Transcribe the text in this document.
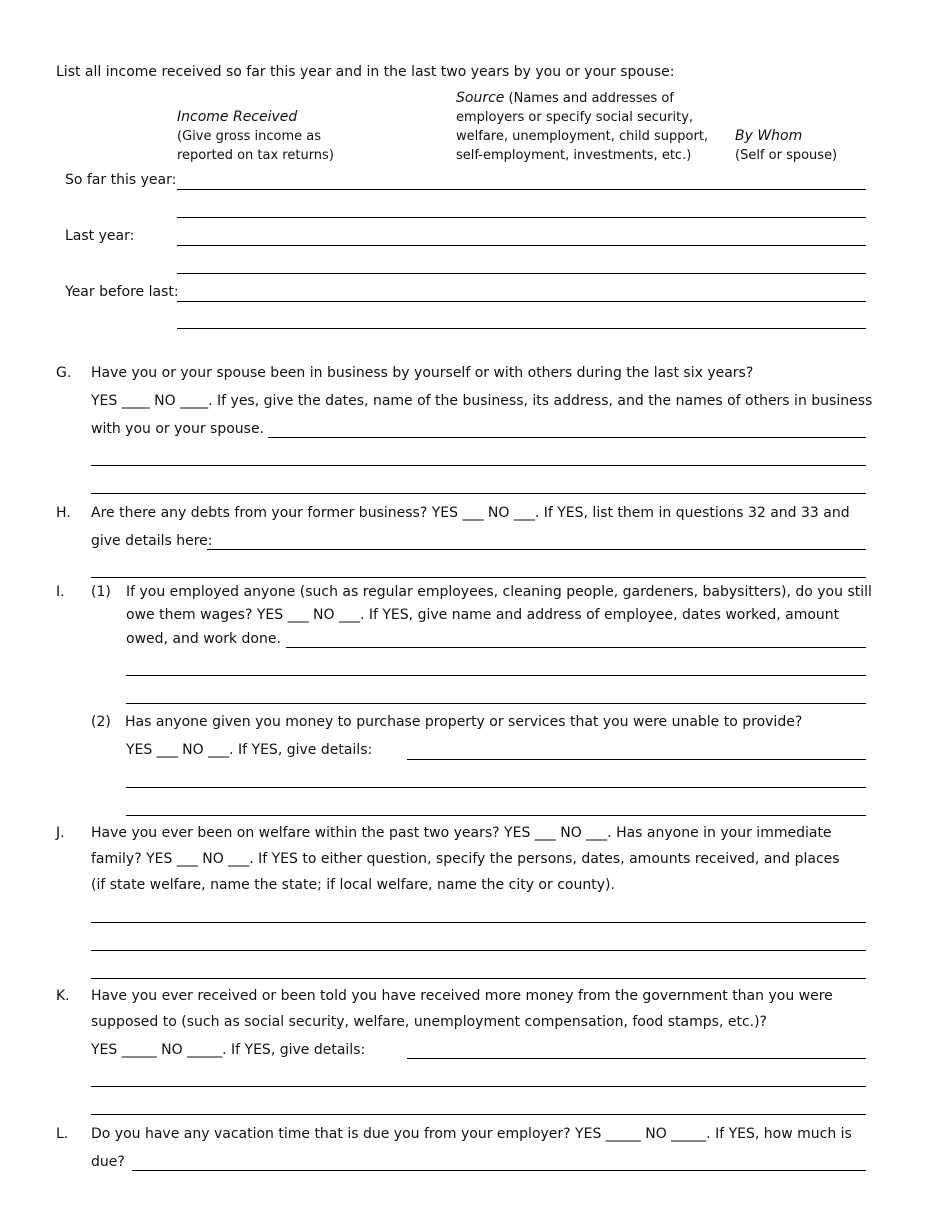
List all income received so far this year and in the last two years by you or your spouse:
Income Received
(Give gross income as
reported on tax returns)
Source (Names and addresses of
employers or specify social security,
welfare, unemployment, child support,
self-employment, investments, etc.)
By Whom
(Self or spouse)
So far this year:
Last year:
Year before last:
G. Have you or your spouse been in business by yourself or with others during the last six years?
YES ____ NO ____. If yes, give the dates, name of the business, its address, and the names of others in business
with you or your spouse.
H. Are there any debts from your former business? YES ___ NO ___. If YES, list them in questions 32 and 33 and
give details here:
I. (1) If you employed anyone (such as regular employees, cleaning people, gardeners, babysitters), do you still
owe them wages? YES ___ NO ___. If YES, give name and address of employee, dates worked, amount
owed, and work done.
(2) Has anyone given you money to purchase property or services that you were unable to provide?
YES ___ NO ___. If YES, give details:
J. Have you ever been on welfare within the past two years? YES ___ NO ___. Has anyone in your immediate
family? YES ___ NO ___. If YES to either question, specify the persons, dates, amounts received, and places
(if state welfare, name the state; if local welfare, name the city or county).
K. Have you ever received or been told you have received more money from the government than you were
supposed to (such as social security, welfare, unemployment compensation, food stamps, etc.)?
YES _____ NO _____. If YES, give details:
L. Do you have any vacation time that is due you from your employer? YES _____ NO _____. If YES, how much is
due?
